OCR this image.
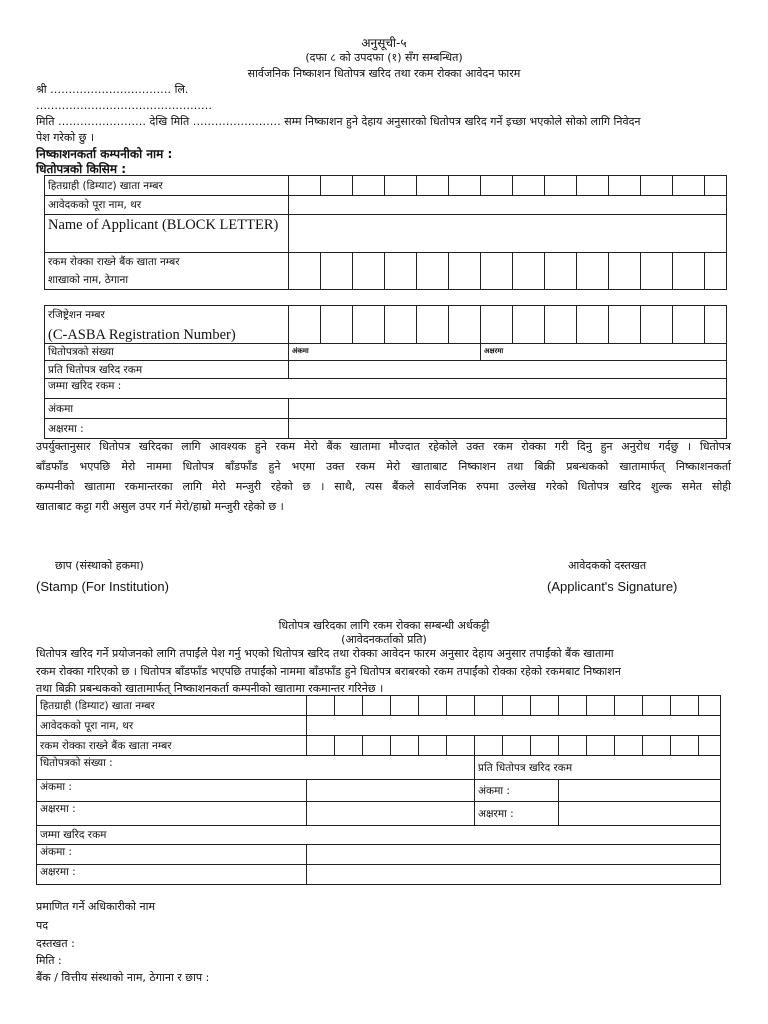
अनुसूची-५
(दफा ८ को उपदफा (१) सँग सम्बन्धित)
सार्वजनिक निष्काशन धितोपत्र खरिद तथा रकम रोक्का आवेदन फारम
श्री …………………………… लि.
…………………………………………
मिति …………………… देखि मिति …………………… सम्म निष्काशन हुने देहाय अनुसारको धितोपत्र खरिद गर्ने इच्छा भएकोले सोको लागि निवेदन
पेश गरेको छु ।
निष्काशनकर्ता कम्पनीको नाम :
धितोपत्रको किसिम :
हितग्राही (डिम्याट) खाता नम्बर														
आवेदकको पूरा नाम, थर														
Name of Applicant (BLOCK LETTER)														
रकम रोक्का राख्ने बैंक खाता नम्बर														
शाखाको नाम, ठेगाना														

रजिष्ट्रेशन नम्बर
(C-ASBA Registration Number)														

धितोपत्रको संख्या	अंकमा						अक्षरमा							
प्रति धितोपत्र खरिद रकम														
जम्मा खरिद रकम :														
अंकमा														
अक्षरमा :														
उपर्युक्तानुसार धितोपत्र खरिदका लागि आवश्यक हुने रकम मेरो बैंक खातामा मौज्दात रहेकोले उक्त रकम रोक्का गरी दिनु हुन अनुरोध गर्दछु । धितोपत्र
बाँडफाँड भएपछि मेरो नाममा धितोपत्र बाँडफाँड हुने भएमा उक्त रकम मेरो खाताबाट निष्काशन तथा बिक्री प्रबन्धकको खातामार्फत् निष्काशनकर्ता
कम्पनीको खातामा रकमान्तरका लागि मेरो मन्जुरी रहेको छ । साथै, त्यस बैंकले सार्वजनिक रुपमा उल्लेख गरेको धितोपत्र खरिद शुल्क समेत सोही
खाताबाट कट्टा गरी असुल उपर गर्न मेरो/हाम्रो मन्जुरी रहेको छ ।
छाप (संस्थाको हकमा)
(Stamp (For Institution)
आवेदकको दस्तखत
(Applicant's Signature)
धितोपत्र खरिदका लागि रकम रोक्का सम्बन्धी अर्धकट्टी
(आवेदनकर्ताको प्रति)
धितोपत्र खरिद गर्ने प्रयोजनको लागि तपाईंले पेश गर्नु भएको धितोपत्र खरिद तथा रोक्का आवेदन फारम अनुसार देहाय अनुसार तपाईंको बैंक खातामा
रकम रोक्का गरिएको छ । धितोपत्र बाँडफाँड भएपछि तपाईंको नाममा बाँडफाँड हुने धितोपत्र बराबरको रकम तपाईंको रोक्का रहेको रकमबाट निष्काशन
तथा बिक्री प्रबन्धकको खातामार्फत् निष्काशनकर्ता कम्पनीको खातामा रकमान्तर गरिनेछ ।
हितग्राही (डिम्याट) खाता नम्बर															
आवेदकको पूरा नाम, थर															
रकम रोक्का राख्ने बैंक खाता नम्बर															
धितोपत्रको संख्या :							प्रति धितोपत्र खरिद रकम								
अंकमा :							अंकमा :								
अक्षरमा :							अक्षरमा :								
जम्मा खरिद रकम															
अंकमा :															
अक्षरमा :															
प्रमाणित गर्ने अधिकारीको नाम
पद
दस्तखत :
मिति :
बैंक / वित्तीय संस्थाको नाम, ठेगाना र छाप :
